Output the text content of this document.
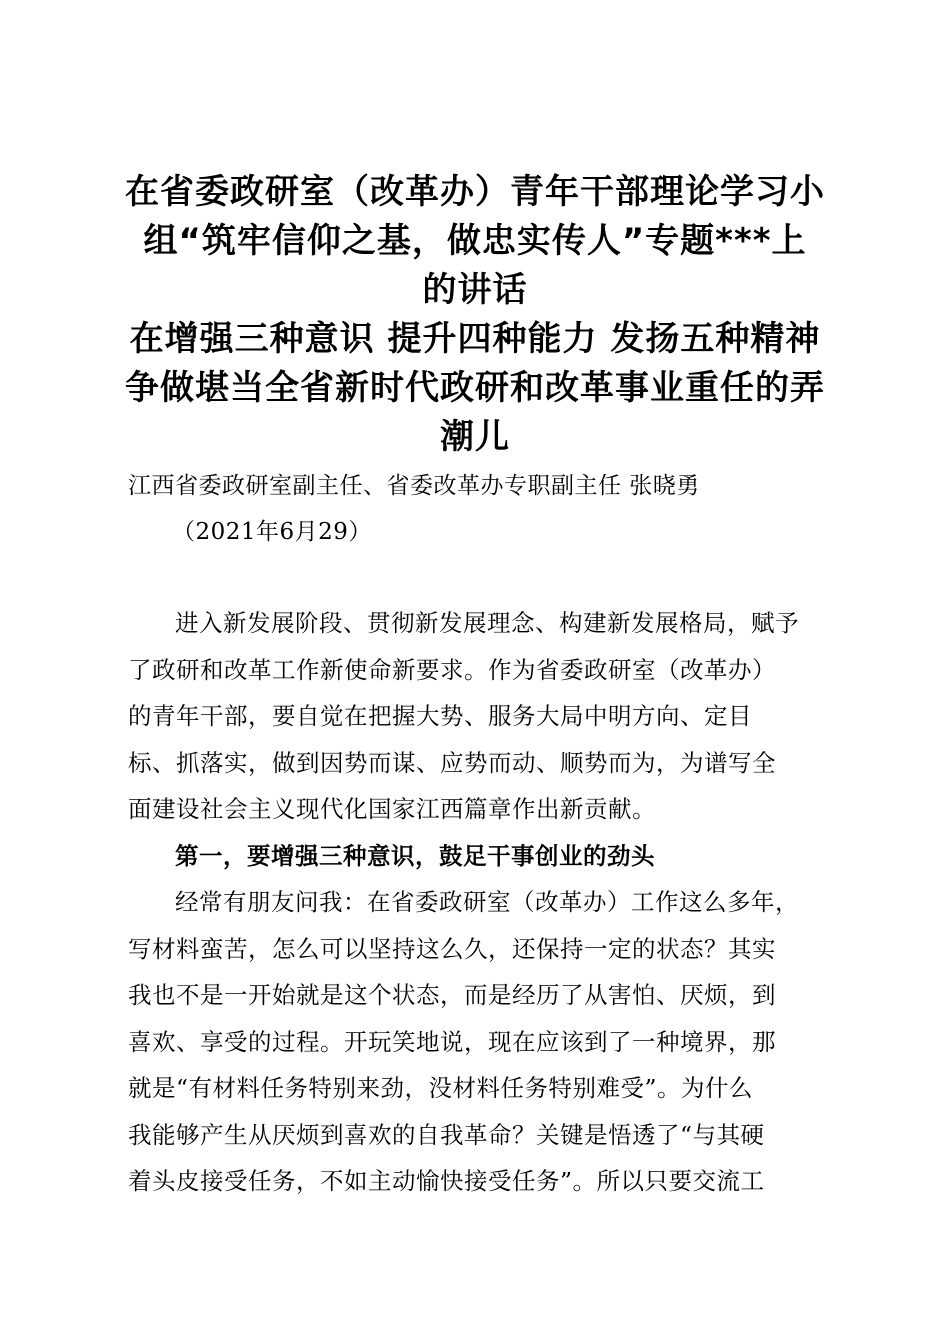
在省委政研室（改革办）青年干部理论学习小
组“筑牢信仰之基，做忠实传人”专题***上
的讲话
在增强三种意识 提升四种能力 发扬五种精神
争做堪当全省新时代政研和改革事业重任的弄
潮儿
江西省委政研室副主任、省委改革办专职副主任 张晓勇
（2021年6月29）
进入新发展阶段、贯彻新发展理念、构建新发展格局，赋予
了政研和改革工作新使命新要求。作为省委政研室（改革办）
的青年干部，要自觉在把握大势、服务大局中明方向、定目
标、抓落实，做到因势而谋、应势而动、顺势而为，为谱写全
面建设社会主义现代化国家江西篇章作出新贡献。
第一，要增强三种意识，鼓足干事创业的劲头
经常有朋友问我：在省委政研室（改革办）工作这么多年，
写材料蛮苦，怎么可以坚持这么久，还保持一定的状态？其实
我也不是一开始就是这个状态，而是经历了从害怕、厌烦，到
喜欢、享受的过程。开玩笑地说，现在应该到了一种境界，那
就是“有材料任务特别来劲，没材料任务特别难受”。为什么
我能够产生从厌烦到喜欢的自我革命？关键是悟透了“与其硬
着头皮接受任务，不如主动愉快接受任务”。所以只要交流工
